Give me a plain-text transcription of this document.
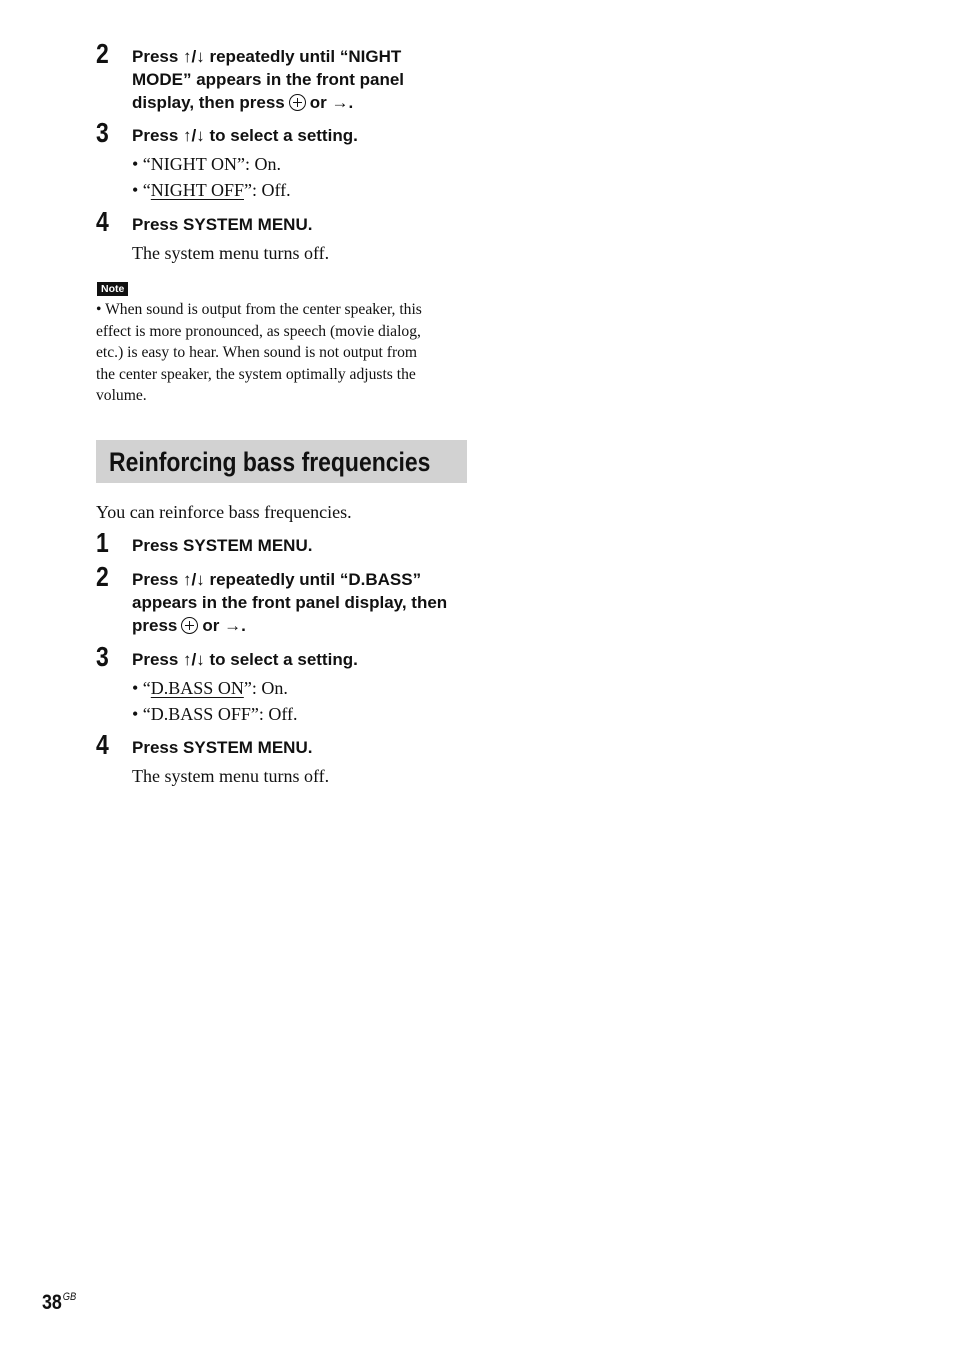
2 Press ↑/↓ repeatedly until “NIGHT
MODE” appears in the front panel
display, then press or →.
3 Press ↑/↓ to select a setting.
• “NIGHT ON”: On.
• “NIGHT OFF”: Off.
4 Press SYSTEM MENU.
The system menu turns off.
Note
• When sound is output from the center speaker, this
effect is more pronounced, as speech (movie dialog,
etc.) is easy to hear. When sound is not output from
the center speaker, the system optimally adjusts the
volume.
Reinforcing bass frequencies
You can reinforce bass frequencies.
1 Press SYSTEM MENU.
2 Press ↑/↓ repeatedly until “D.BASS”
appears in the front panel display, then
press or →.
3 Press ↑/↓ to select a setting.
• “D.BASS ON”: On.
• “D.BASS OFF”: Off.
4 Press SYSTEM MENU.
The system menu turns off.
$38^{GB}$
